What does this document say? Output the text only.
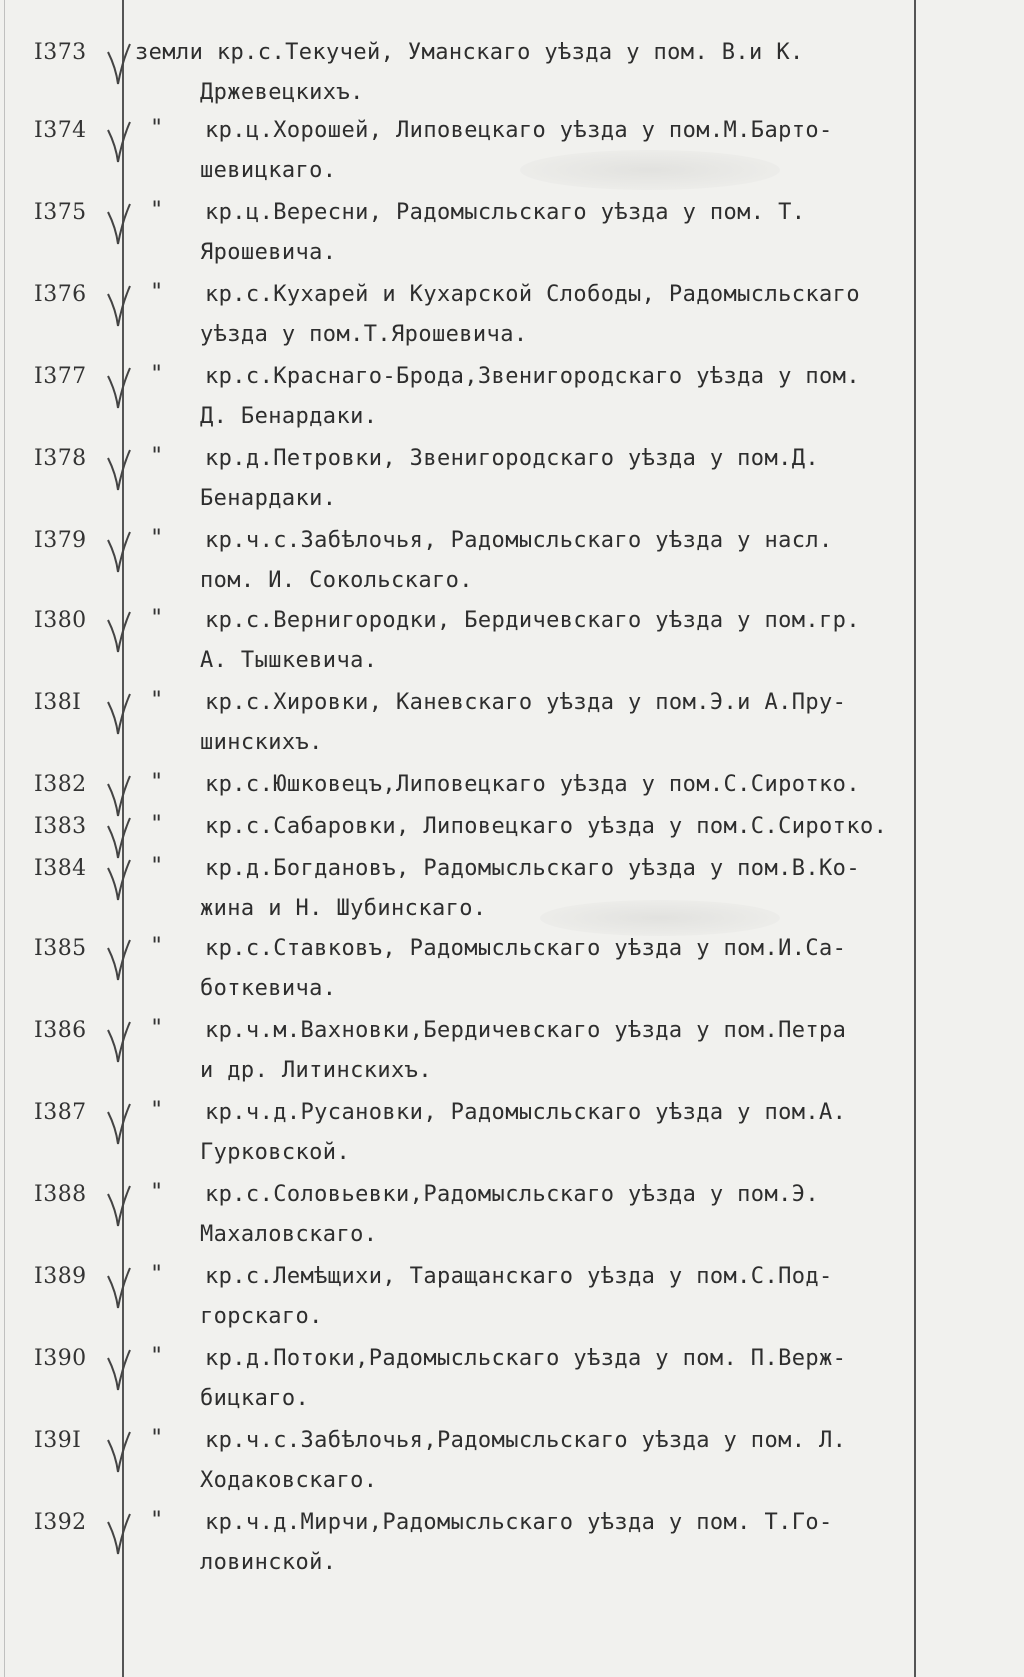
I373	земли кр.с.Текучей, Уманскаго уѣзда у пом. В.и К.
Држевецкихъ.
I374	" кр.ц.Хорошей, Липовецкаго уѣзда у пом.М.Барто-
шевицкаго.
I375	" кр.ц.Вересни, Радомысльскаго уѣзда у пом. Т.
Ярошевича.
I376	" кр.с.Кухарей и Кухарской Слободы, Радомысльскаго
уѣзда у пом.Т.Ярошевича.
I377	" кр.с.Краснаго-Брода,Звенигородскаго уѣзда у пом.
Д. Бенардаки.
I378	" кр.д.Петровки, Звенигородскаго уѣзда у пом.Д.
Бенардаки.
I379	" кр.ч.с.Забѣлочья, Радомысльскаго уѣзда у насл.
пом. И. Сокольскаго.
I380	" кр.с.Вернигородки, Бердичевскаго уѣзда у пом.гр.
А. Тышкевича.
I38I	" кр.с.Хировки, Каневскаго уѣзда у пом.Э.и А.Пру-
шинскихъ.
I382	" кр.с.Юшковецъ,Липовецкаго уѣзда у пом.С.Сиротко.
I383	" кр.с.Сабаровки, Липовецкаго уѣзда у пом.С.Сиротко.
I384	" кр.д.Богдановъ, Радомысльскаго уѣзда у пом.В.Ко-
жина и Н. Шубинскаго.
I385	" кр.с.Ставковъ, Радомысльскаго уѣзда у пом.И.Са-
боткевича.
I386	" кр.ч.м.Вахновки,Бердичевскаго уѣзда у пом.Петра
и др. Литинскихъ.
I387	" кр.ч.д.Русановки, Радомысльскаго уѣзда у пом.А.
Гурковской.
I388	" кр.с.Соловьевки,Радомысльскаго уѣзда у пом.Э.
Махаловскаго.
I389	" кр.с.Лемѣщихи, Таращанскаго уѣзда у пом.С.Под-
горскаго.
I390	" кр.д.Потоки,Радомысльскаго уѣзда у пом. П.Верж-
бицкаго.
I39I	" кр.ч.с.Забѣлочья,Радомысльскаго уѣзда у пом. Л.
Ходаковскаго.
I392	" кр.ч.д.Мирчи,Радомысльскаго уѣзда у пом. Т.Го-
ловинской.
